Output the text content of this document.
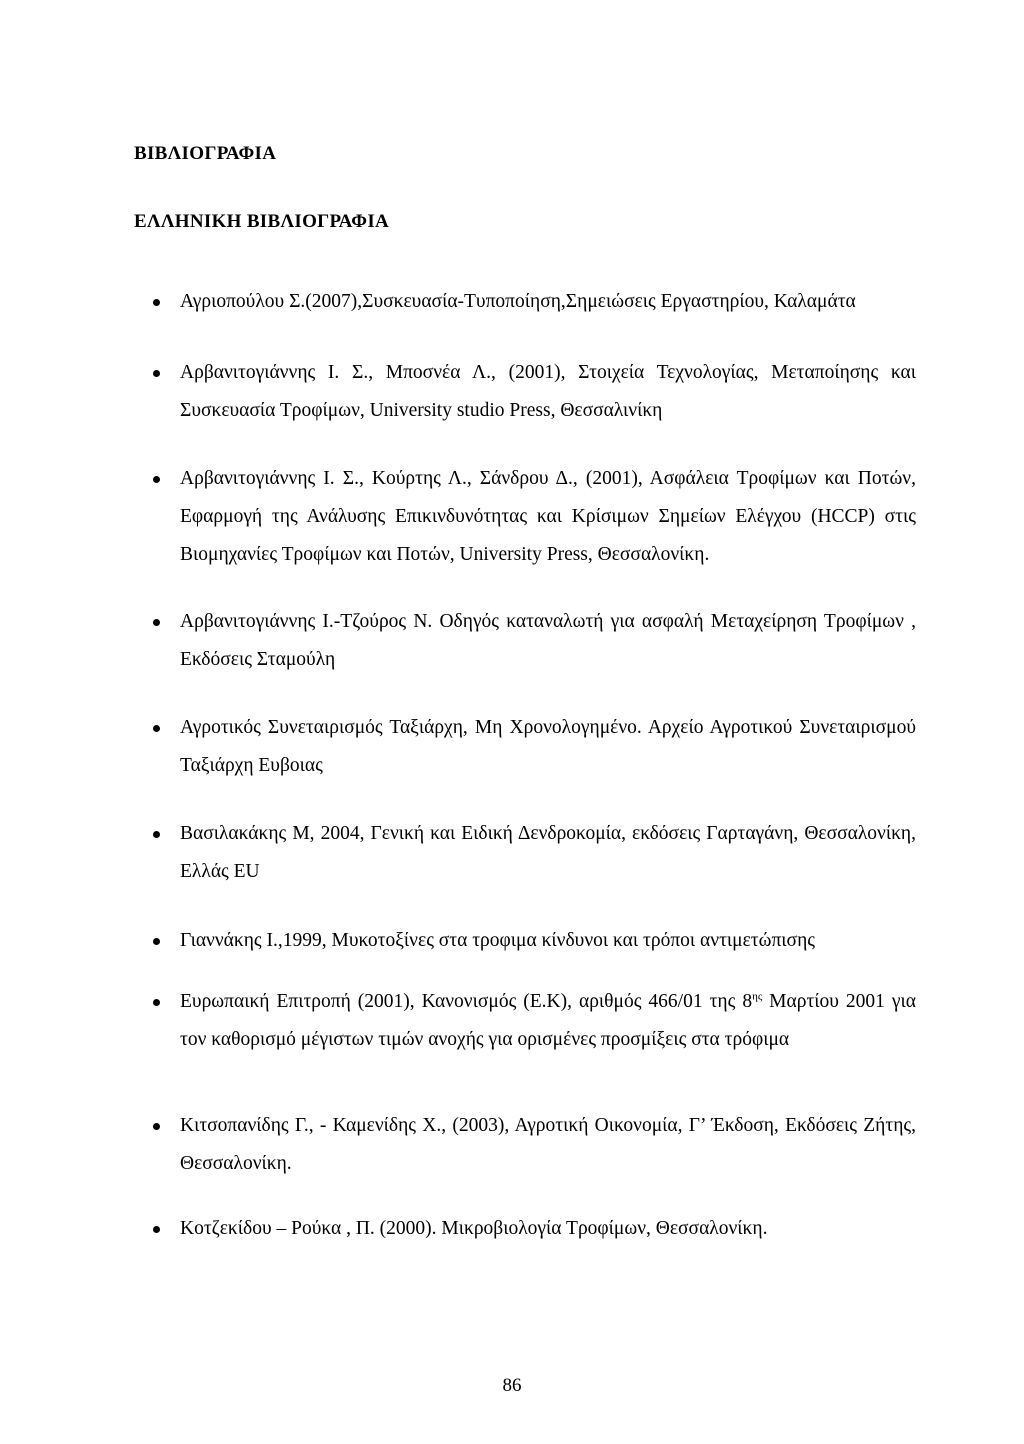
ΒΙΒΛΙΟΓΡΑΦΙΑ
ΕΛΛΗΝΙΚΗ ΒΙΒΛΙΟΓΡΑΦΙΑ
Αγριοπούλου Σ.(2007),Συσκευασία-Τυποποίηση,Σημειώσεις Εργαστηρίου, Καλαμάτα
Αρβανιτογιάννης Ι. Σ., Μποσνέα Λ., (2001), Στοιχεία Τεχνολογίας, Μεταποίησης και Συσκευασία Τροφίμων, University studio Press, Θεσσαλινίκη
Αρβανιτογιάννης Ι. Σ., Κούρτης Λ., Σάνδρου Δ., (2001), Ασφάλεια Τροφίμων και Ποτών, Εφαρμογή της Ανάλυσης Επικινδυνότητας και Κρίσιμων Σημείων Ελέγχου (HCCP) στις Βιομηχανίες Τροφίμων και Ποτών, University Press, Θεσσαλονίκη.
Αρβανιτογιάννης Ι.-Τζούρος Ν. Οδηγός καταναλωτή για ασφαλή Μεταχείρηση Τροφίμων , Εκδόσεις Σταμούλη
Αγροτικός Συνεταιρισμός Ταξιάρχη, Μη Χρονολογημένο. Αρχείο Αγροτικού Συνεταιρισμού Ταξιάρχη Ευβοιας
Βασιλακάκης Μ, 2004, Γενική και Ειδική Δενδροκομία, εκδόσεις Γαρταγάνη, Θεσσαλονίκη, Ελλάς EU
Γιαννάκης Ι.,1999, Μυκοτοξίνες στα τροφιμα κίνδυνοι και τρόποι αντιμετώπισης
Ευρωπαική Επιτροπή (2001), Κανονισμός (Ε.Κ), αριθμός 466/01 της $8^{\eta\varsigma}$ Μαρτίου 2001 για τον καθορισμό μέγιστων τιμών ανοχής για ορισμένες προσμίξεις στα τρόφιμα
Κιτσοπανίδης Γ., - Καμενίδης Χ., (2003), Αγροτική Οικονομία, Γ’ Έκδοση, Εκδόσεις Ζήτης, Θεσσαλονίκη.
Κοτζεκίδου – Ρούκα , Π. (2000). Μικροβιολογία Τροφίμων, Θεσσαλονίκη.
86
